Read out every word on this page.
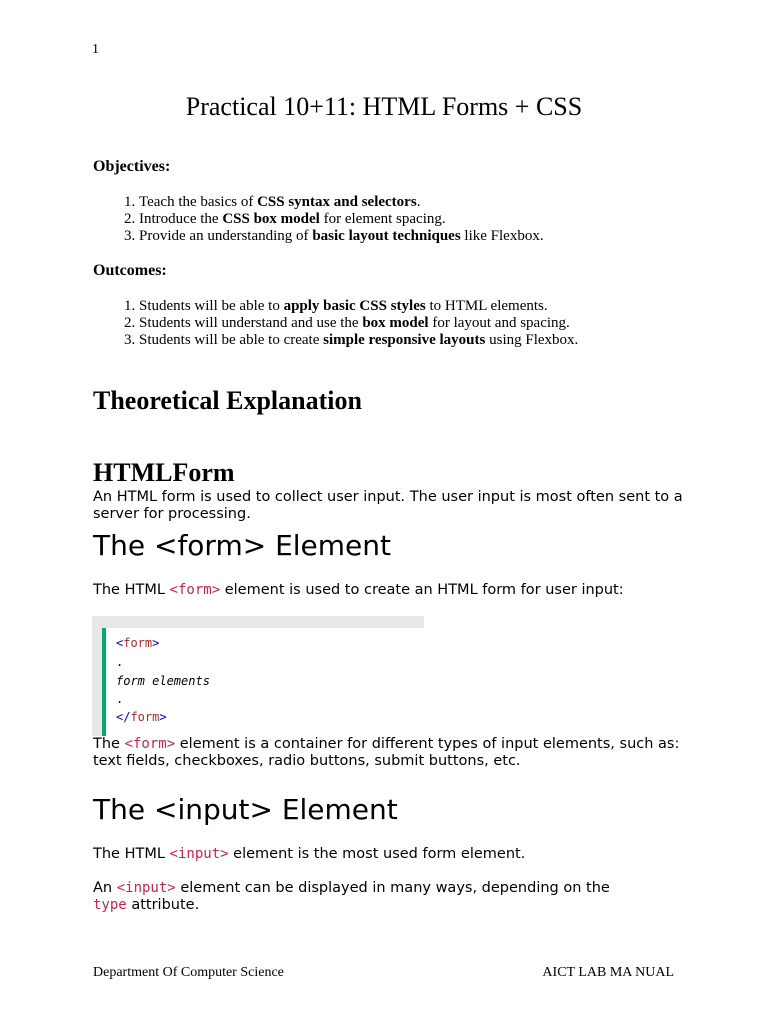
1
Practical 10+11: HTML Forms + CSS
Objectives:
1. Teach the basics of CSS syntax and selectors.
2. Introduce the CSS box model for element spacing.
3. Provide an understanding of basic layout techniques like Flexbox.
Outcomes:
1. Students will be able to apply basic CSS styles to HTML elements.
2. Students will understand and use the box model for layout and spacing.
3. Students will be able to create simple responsive layouts using Flexbox.
Theoretical Explanation
HTMLForm

An HTML form is used to collect user input. The user input is most often sent to a server for processing.

The <form> Element

The HTML <form> element is used to create an HTML form for user input:

<form>
.
form elements
.
</form>

The <form> element is a container for different types of input elements, such as: text fields, checkboxes, radio buttons, submit buttons, etc.

The <input> Element

The HTML <input> element is the most used form element.

An <input> element can be displayed in many ways, depending on the type attribute.

Department Of Computer Science	AICT LAB MA NUAL
